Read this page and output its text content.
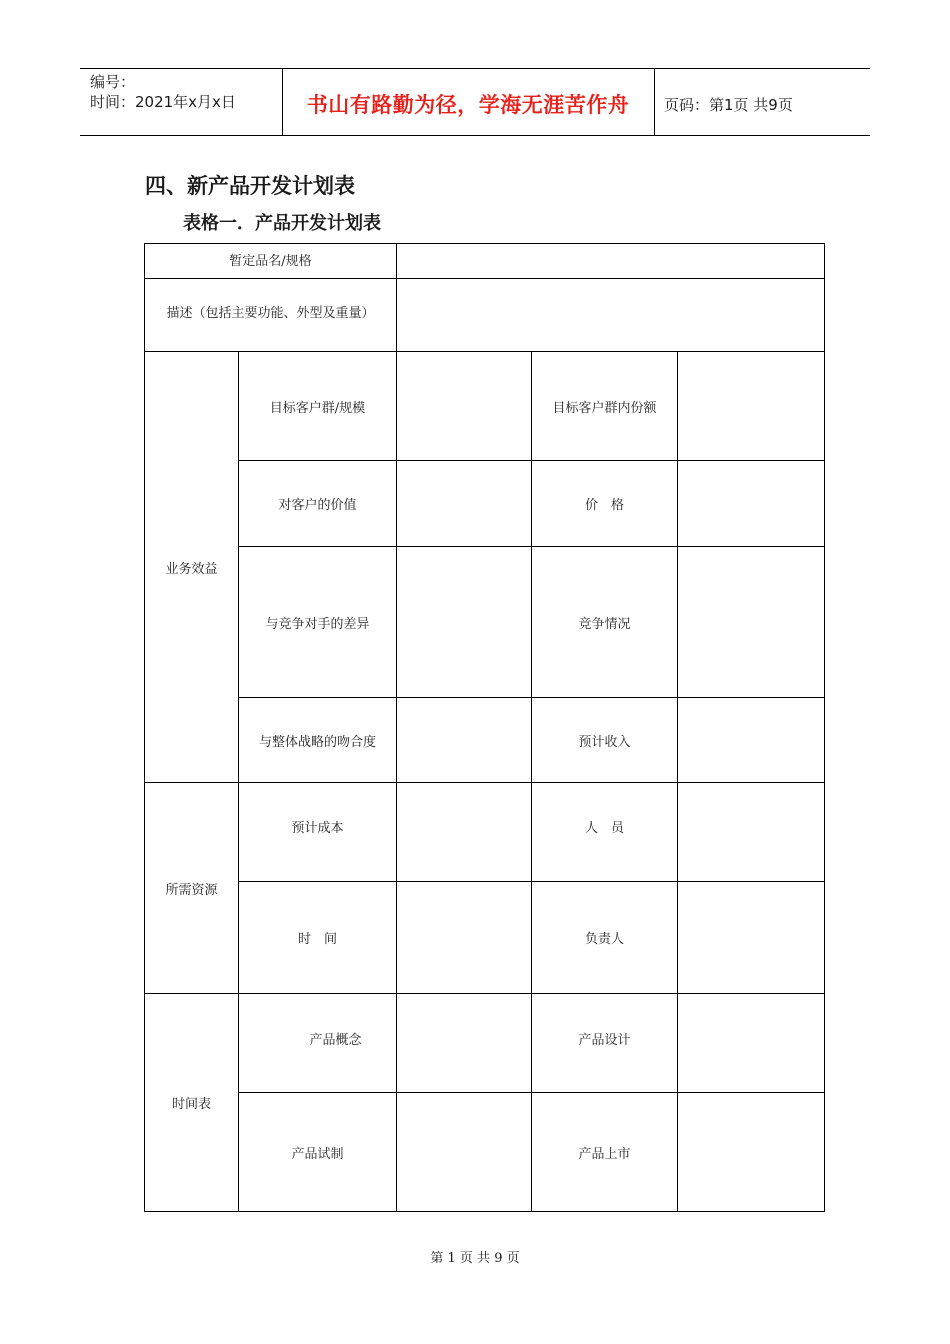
编号：
时间：2021年x月x日	书山有路勤为径，学海无涯苦作舟 页码：第1页 共9页
四、新产品开发计划表
表格一．产品开发计划表
暂定品名/规格
描述（包括主要功能、外型及重量）
业务效益
目标客户群/规模	目标客户群内份额
对客户的价值	价　格
与竞争对手的差异	竞争情况
与整体战略的吻合度	预计收入
所需资源
预计成本	人　员
时　间	负责人
时间表
产品概念	产品设计
产品试制	产品上市
第 1 页 共 9 页
